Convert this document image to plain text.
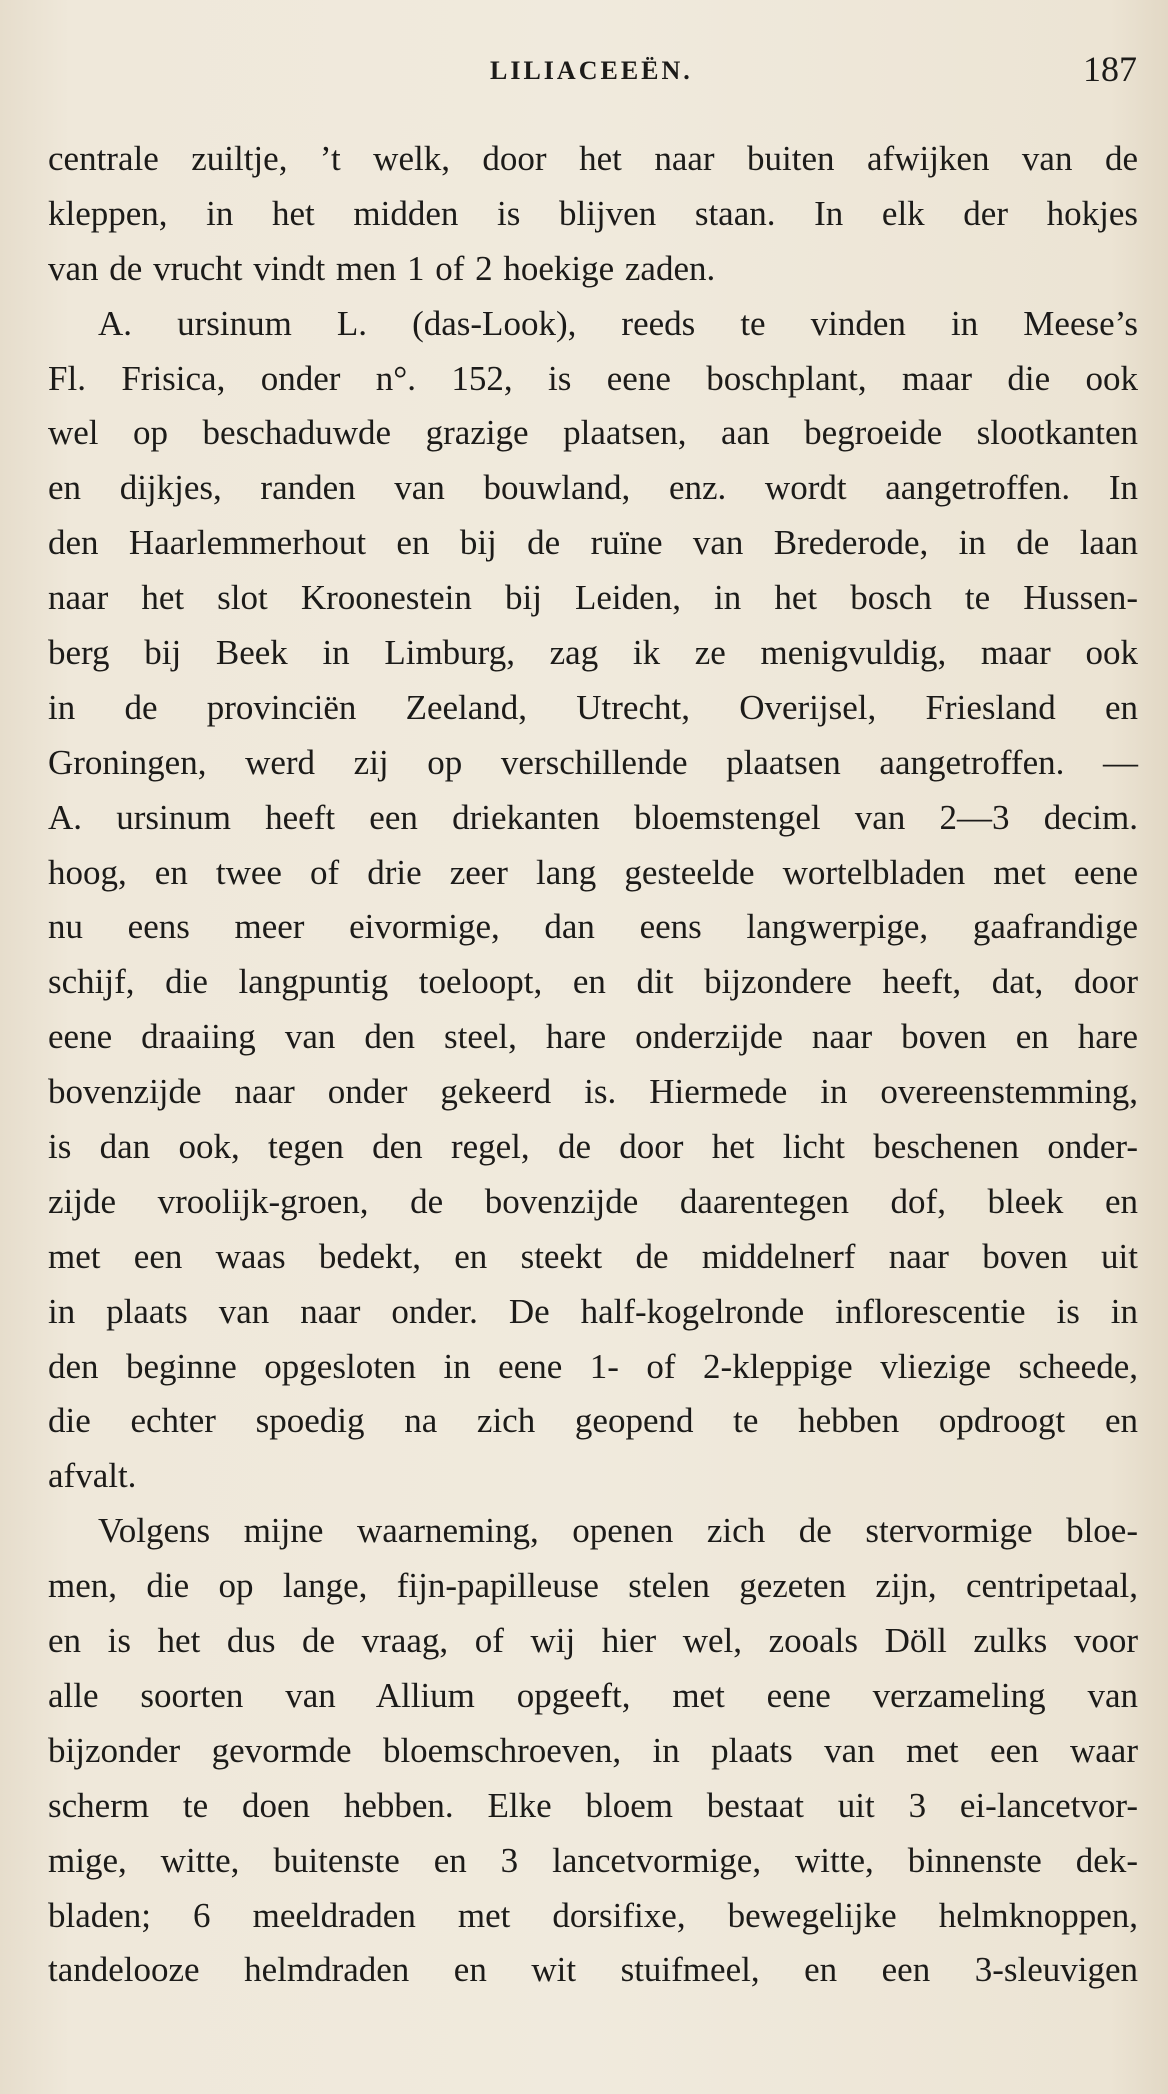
LILIACEEËN.	187
centrale zuiltje, ’t welk, door het naar buiten afwijken van de
kleppen, in het midden is blijven staan. In elk der hokjes
van de vrucht vindt men 1 of 2 hoekige zaden.
A. ursinum L. (das-Look), reeds te vinden in Meese’s
Fl. Frisica, onder n°. 152, is eene boschplant, maar die ook
wel op beschaduwde grazige plaatsen, aan begroeide slootkanten
en dijkjes, randen van bouwland, enz. wordt aangetroffen. In
den Haarlemmerhout en bij de ruïne van Brederode, in de laan
naar het slot Kroonestein bij Leiden, in het bosch te Hussen-
berg bij Beek in Limburg, zag ik ze menigvuldig, maar ook
in de provinciën Zeeland, Utrecht, Overijsel, Friesland en
Groningen, werd zij op verschillende plaatsen aangetroffen. —
A. ursinum heeft een driekanten bloemstengel van 2—3 decim.
hoog, en twee of drie zeer lang gesteelde wortelbladen met eene
nu eens meer eivormige, dan eens langwerpige, gaafrandige
schijf, die langpuntig toeloopt, en dit bijzondere heeft, dat, door
eene draaiing van den steel, hare onderzijde naar boven en hare
bovenzijde naar onder gekeerd is. Hiermede in overeenstemming,
is dan ook, tegen den regel, de door het licht beschenen onder-
zijde vroolijk-groen, de bovenzijde daarentegen dof, bleek en
met een waas bedekt, en steekt de middelnerf naar boven uit
in plaats van naar onder. De half-kogelronde inflorescentie is in
den beginne opgesloten in eene 1- of 2-kleppige vliezige scheede,
die echter spoedig na zich geopend te hebben opdroogt en
afvalt.
Volgens mijne waarneming, openen zich de stervormige bloe-
men, die op lange, fijn-papilleuse stelen gezeten zijn, centripetaal,
en is het dus de vraag, of wij hier wel, zooals Döll zulks voor
alle soorten van Allium opgeeft, met eene verzameling van
bijzonder gevormde bloemschroeven, in plaats van met een waar
scherm te doen hebben. Elke bloem bestaat uit 3 ei-lancetvor-
mige, witte, buitenste en 3 lancetvormige, witte, binnenste dek-
bladen; 6 meeldraden met dorsifixe, bewegelijke helmknoppen,
tandelooze helmdraden en wit stuifmeel, en een 3-sleuvigen
